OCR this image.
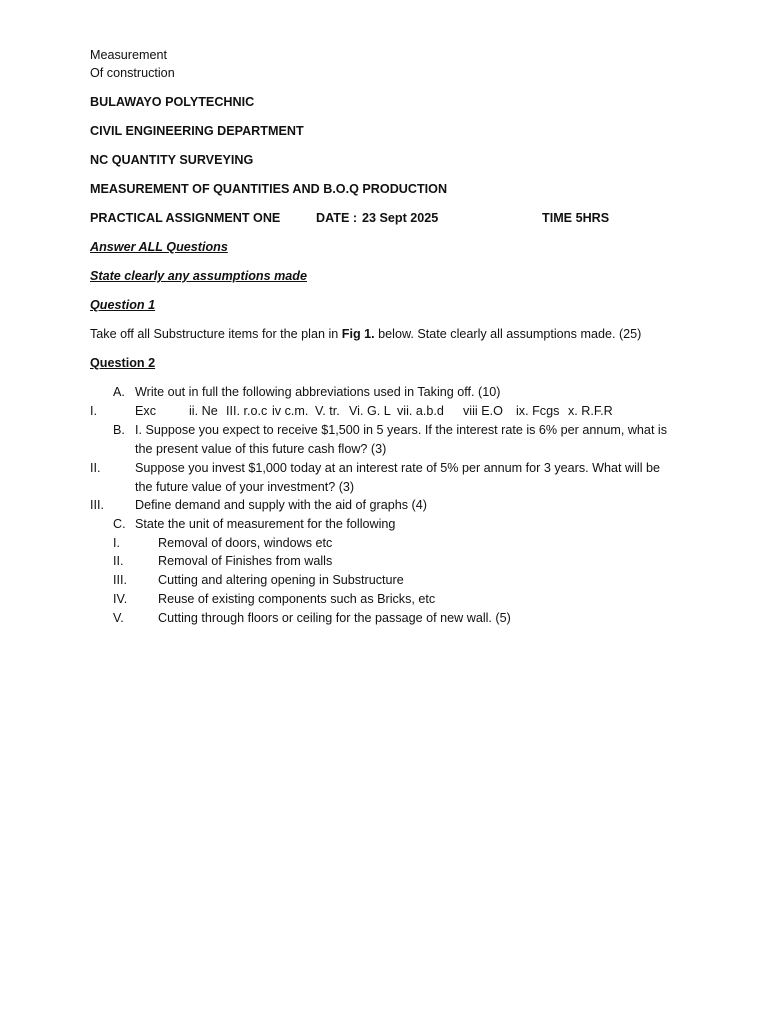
Measurement
Of construction
BULAWAYO POLYTECHNIC
CIVIL ENGINEERING DEPARTMENT
NC QUANTITY SURVEYING
MEASUREMENT OF QUANTITIES AND B.O.Q PRODUCTION
PRACTICAL ASSIGNMENT ONE	DATE : 23 Sept 2025	TIME 5HRS
Answer ALL Questions
State clearly any assumptions made
Question 1
Take off all Substructure items for the plan in Fig 1. below. State clearly all assumptions made. (25)
Question 2
A. Write out in full the following abbreviations used in Taking off. (10)
I.	Exc	ii. Ne III. r.o.c iv c.m. V. tr. Vi. G. L vii. a.b.d viii E.O ix. Fcgs x. R.F.R
B. I. Suppose you expect to receive $1,500 in 5 years. If the interest rate is 6% per annum, what is
the present value of this future cash flow? (3)
II.	Suppose you invest $1,000 today at an interest rate of 5% per annum for 3 years. What will be
the future value of your investment? (3)
III. Define demand and supply with the aid of graphs (4)
C. State the unit of measurement for the following
I.	Removal of doors, windows etc
II.	Removal of Finishes from walls
III. Cutting and altering opening in Substructure
IV. Reuse of existing components such as Bricks, etc
V.	Cutting through floors or ceiling for the passage of new wall. (5)
